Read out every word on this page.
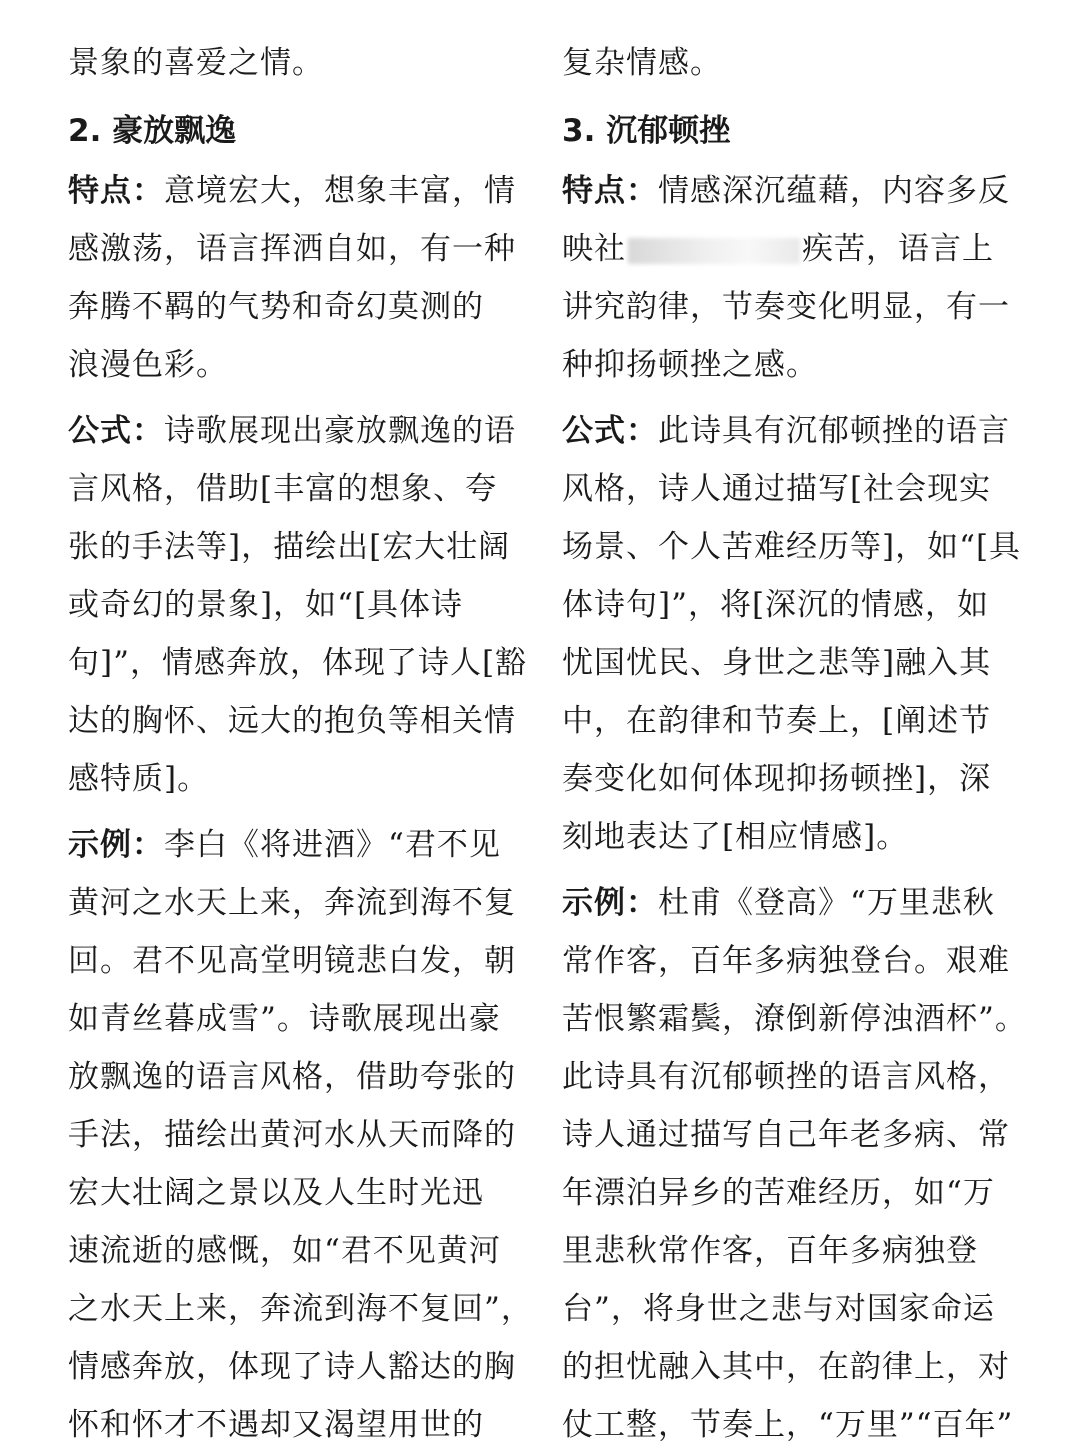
景象的喜爱之情。
2. 豪放飘逸
特点：意境宏大，想象丰富，情
感激荡，语言挥洒自如，有一种
奔腾不羁的气势和奇幻莫测的
浪漫色彩。
公式：诗歌展现出豪放飘逸的语
言风格，借助[丰富的想象、夸
张的手法等]，描绘出[宏大壮阔
或奇幻的景象]，如“[具体诗
句]”，情感奔放，体现了诗人[豁
达的胸怀、远大的抱负等相关情
感特质]。
示例：李白《将进酒》“君不见
黄河之水天上来，奔流到海不复
回。君不见高堂明镜悲白发，朝
如青丝暮成雪”。诗歌展现出豪
放飘逸的语言风格，借助夸张的
手法，描绘出黄河水从天而降的
宏大壮阔之景以及人生时光迅
速流逝的感慨，如“君不见黄河
之水天上来，奔流到海不复回”，
情感奔放，体现了诗人豁达的胸
怀和怀才不遇却又渴望用世的
复杂情感。
3. 沉郁顿挫
特点：情感深沉蕴藉，内容多反
映社	疾苦，语言上
讲究韵律，节奏变化明显，有一
种抑扬顿挫之感。
公式：此诗具有沉郁顿挫的语言
风格，诗人通过描写[社会现实
场景、个人苦难经历等]，如“[具
体诗句]”，将[深沉的情感，如
忧国忧民、身世之悲等]融入其
中，在韵律和节奏上，[阐述节
奏变化如何体现抑扬顿挫]，深
刻地表达了[相应情感]。
示例：杜甫《登高》“万里悲秋
常作客，百年多病独登台。艰难
苦恨繁霜鬓，潦倒新停浊酒杯”。
此诗具有沉郁顿挫的语言风格，
诗人通过描写自己年老多病、常
年漂泊异乡的苦难经历，如“万
里悲秋常作客，百年多病独登
台”，将身世之悲与对国家命运
的担忧融入其中，在韵律上，对
仗工整，节奏上，“万里”“百年”
